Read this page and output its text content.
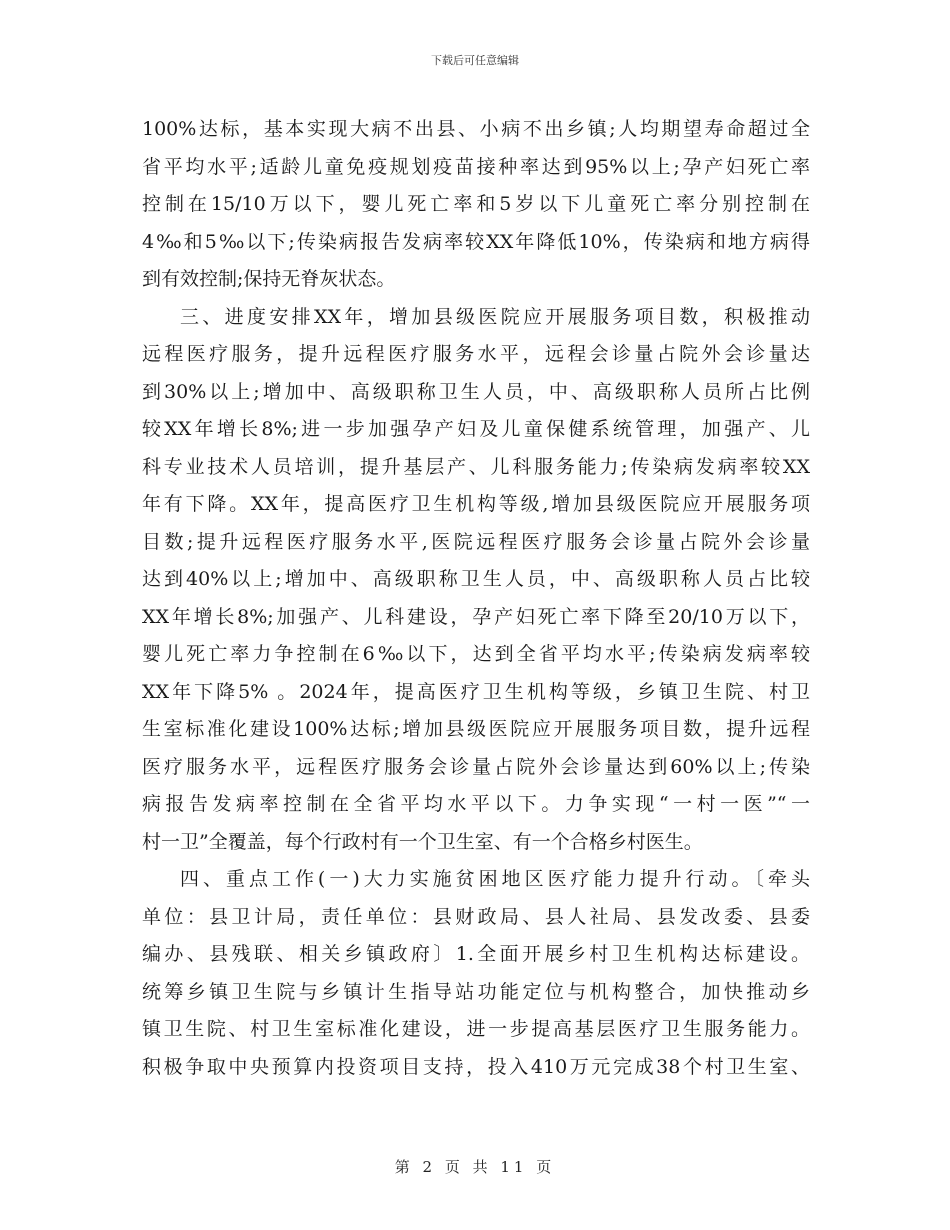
下载后可任意编辑
100%达标，基本实现大病不出县、小病不出乡镇;人均期望寿命超过全
省平均水平;适龄儿童免疫规划疫苗接种率达到95%以上;孕产妇死亡率
控制在15/10万以下，婴儿死亡率和5岁以下儿童死亡率分别控制在
4‰和5‰以下;传染病报告发病率较XX年降低10%，传染病和地方病得
到有效控制;保持无脊灰状态。
三、进度安排XX年，增加县级医院应开展服务项目数，积极推动
远程医疗服务，提升远程医疗服务水平，远程会诊量占院外会诊量达
到30%以上;增加中、高级职称卫生人员，中、高级职称人员所占比例
较XX年增长8%;进一步加强孕产妇及儿童保健系统管理，加强产、儿
科专业技术人员培训，提升基层产、儿科服务能力;传染病发病率较XX
年有下降。XX年，提高医疗卫生机构等级,增加县级医院应开展服务项
目数;提升远程医疗服务水平,医院远程医疗服务会诊量占院外会诊量
达到40%以上;增加中、高级职称卫生人员，中、高级职称人员占比较
XX年增长8%;加强产、儿科建设，孕产妇死亡率下降至20/10万以下，
婴儿死亡率力争控制在6‰以下，达到全省平均水平;传染病发病率较
XX年下降5% 。2024年，提高医疗卫生机构等级，乡镇卫生院、村卫
生室标准化建设100%达标;增加县级医院应开展服务项目数，提升远程
医疗服务水平，远程医疗服务会诊量占院外会诊量达到60%以上;传染
病报告发病率控制在全省平均水平以下。力争实现“一村一医”“一
村一卫”全覆盖，每个行政村有一个卫生室、有一个合格乡村医生。
四、重点工作(一)大力实施贫困地区医疗能力提升行动。〔牵头
单位：县卫计局，责任单位：县财政局、县人社局、县发改委、县委
编办、县残联、相关乡镇政府〕1.全面开展乡村卫生机构达标建设。
统筹乡镇卫生院与乡镇计生指导站功能定位与机构整合，加快推动乡
镇卫生院、村卫生室标准化建设，进一步提高基层医疗卫生服务能力。
积极争取中央预算内投资项目支持，投入410万元完成38个村卫生室、
第 2 页 共 11 页
